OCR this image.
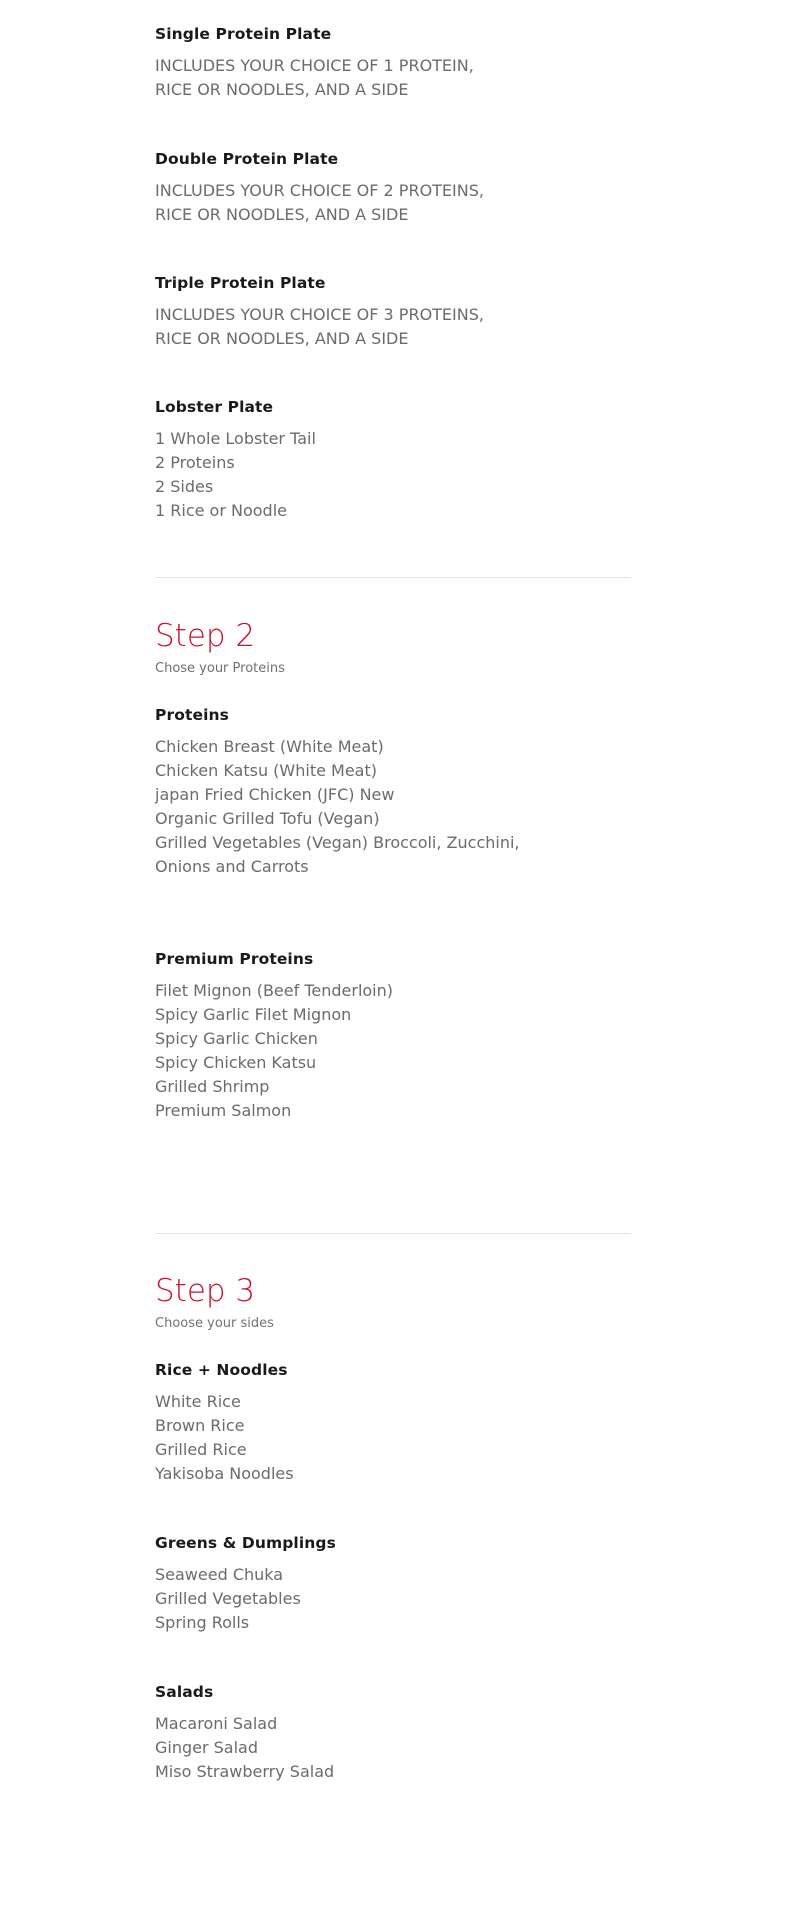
Single Protein Plate
INCLUDES YOUR CHOICE OF 1 PROTEIN,
RICE OR NOODLES, AND A SIDE
Double Protein Plate
INCLUDES YOUR CHOICE OF 2 PROTEINS,
RICE OR NOODLES, AND A SIDE
Triple Protein Plate
INCLUDES YOUR CHOICE OF 3 PROTEINS,
RICE OR NOODLES, AND A SIDE
Lobster Plate
1 Whole Lobster Tail
2 Proteins
2 Sides
1 Rice or Noodle
Step 2
Chose your Proteins
Proteins
Chicken Breast (White Meat)
Chicken Katsu (White Meat)
japan Fried Chicken (JFC) New
Organic Grilled Tofu (Vegan)
Grilled Vegetables (Vegan) Broccoli, Zucchini,
Onions and Carrots
Premium Proteins
Filet Mignon (Beef Tenderloin)
Spicy Garlic Filet Mignon
Spicy Garlic Chicken
Spicy Chicken Katsu
Grilled Shrimp
Premium Salmon
Step 3
Choose your sides
Rice + Noodles
White Rice
Brown Rice
Grilled Rice
Yakisoba Noodles
Greens & Dumplings
Seaweed Chuka
Grilled Vegetables
Spring Rolls
Salads
Macaroni Salad
Ginger Salad
Miso Strawberry Salad
